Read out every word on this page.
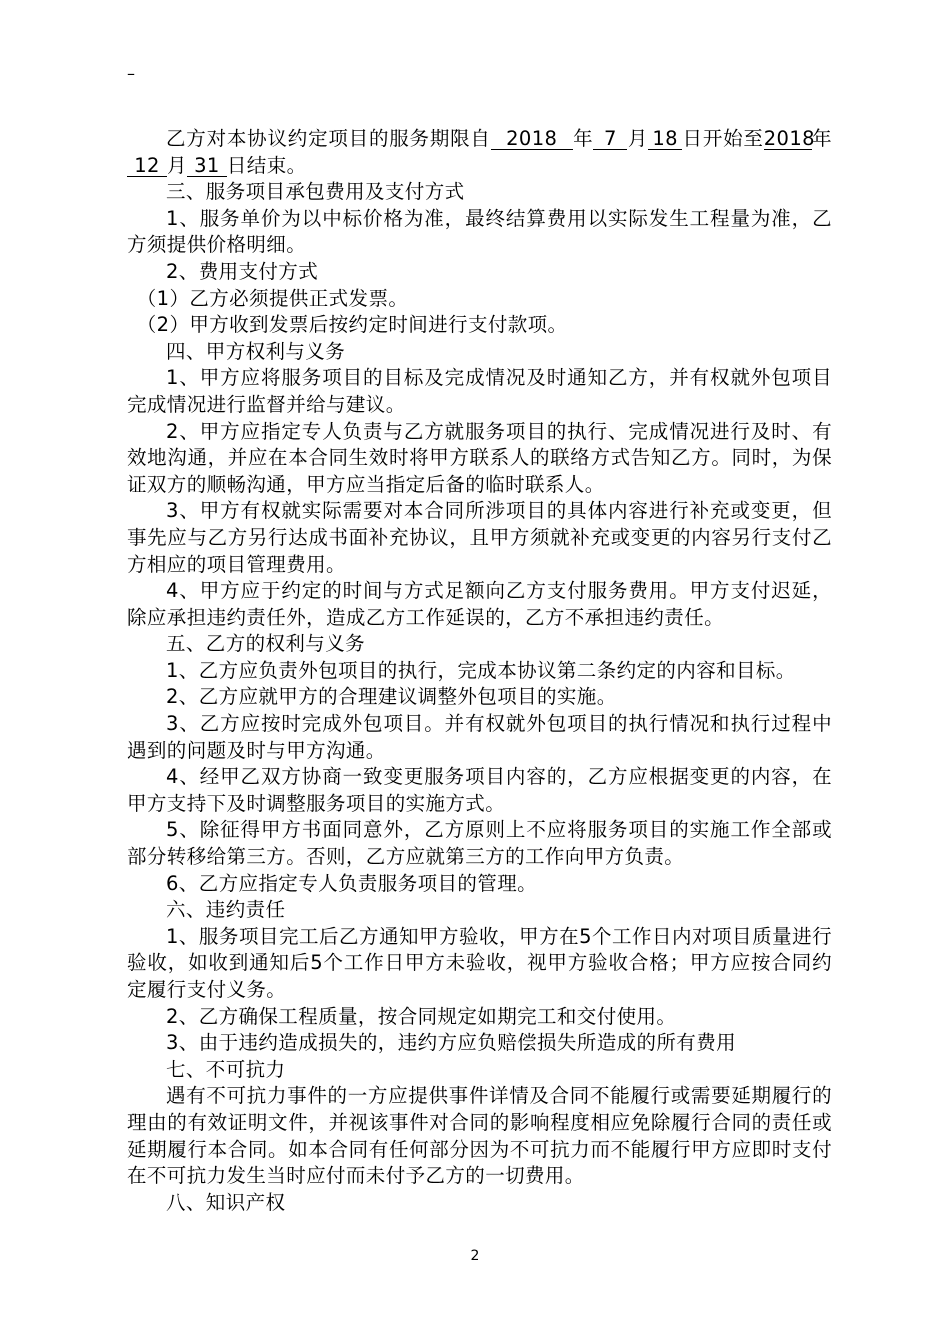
–

乙方对本协议约定项目的服务期限自 2018 年 7 月 18 日开始至2018年12 月 31 日结束。

三、服务项目承包费用及支付方式

1、服务单价为以中标价格为准，最终结算费用以实际发生工程量为准，乙方须提供价格明细。

2、费用支付方式

（1）乙方必须提供正式发票。

（2）甲方收到发票后按约定时间进行支付款项。

四、甲方权利与义务

1、甲方应将服务项目的目标及完成情况及时通知乙方，并有权就外包项目完成情况进行监督并给与建议。

2、甲方应指定专人负责与乙方就服务项目的执行、完成情况进行及时、有效地沟通，并应在本合同生效时将甲方联系人的联络方式告知乙方。同时，为保证双方的顺畅沟通，甲方应当指定后备的临时联系人。

3、甲方有权就实际需要对本合同所涉项目的具体内容进行补充或变更，但事先应与乙方另行达成书面补充协议，且甲方须就补充或变更的内容另行支付乙方相应的项目管理费用。

4、甲方应于约定的时间与方式足额向乙方支付服务费用。甲方支付迟延，除应承担违约责任外，造成乙方工作延误的，乙方不承担违约责任。

五、乙方的权利与义务

1、乙方应负责外包项目的执行，完成本协议第二条约定的内容和目标。

2、乙方应就甲方的合理建议调整外包项目的实施。

3、乙方应按时完成外包项目。并有权就外包项目的执行情况和执行过程中遇到的问题及时与甲方沟通。

4、经甲乙双方协商一致变更服务项目内容的，乙方应根据变更的内容，在甲方支持下及时调整服务项目的实施方式。

5、除征得甲方书面同意外，乙方原则上不应将服务项目的实施工作全部或部分转移给第三方。否则，乙方应就第三方的工作向甲方负责。

6、乙方应指定专人负责服务项目的管理。

六、违约责任

1、服务项目完工后乙方通知甲方验收，甲方在5个工作日内对项目质量进行验收，如收到通知后5个工作日甲方未验收，视甲方验收合格；甲方应按合同约定履行支付义务。

2、乙方确保工程质量，按合同规定如期完工和交付使用。

3、由于违约造成损失的，违约方应负赔偿损失所造成的所有费用

七、不可抗力

遇有不可抗力事件的一方应提供事件详情及合同不能履行或需要延期履行的理由的有效证明文件，并视该事件对合同的影响程度相应免除履行合同的责任或延期履行本合同。如本合同有任何部分因为不可抗力而不能履行甲方应即时支付在不可抗力发生当时应付而未付予乙方的一切费用。

八、知识产权

2
